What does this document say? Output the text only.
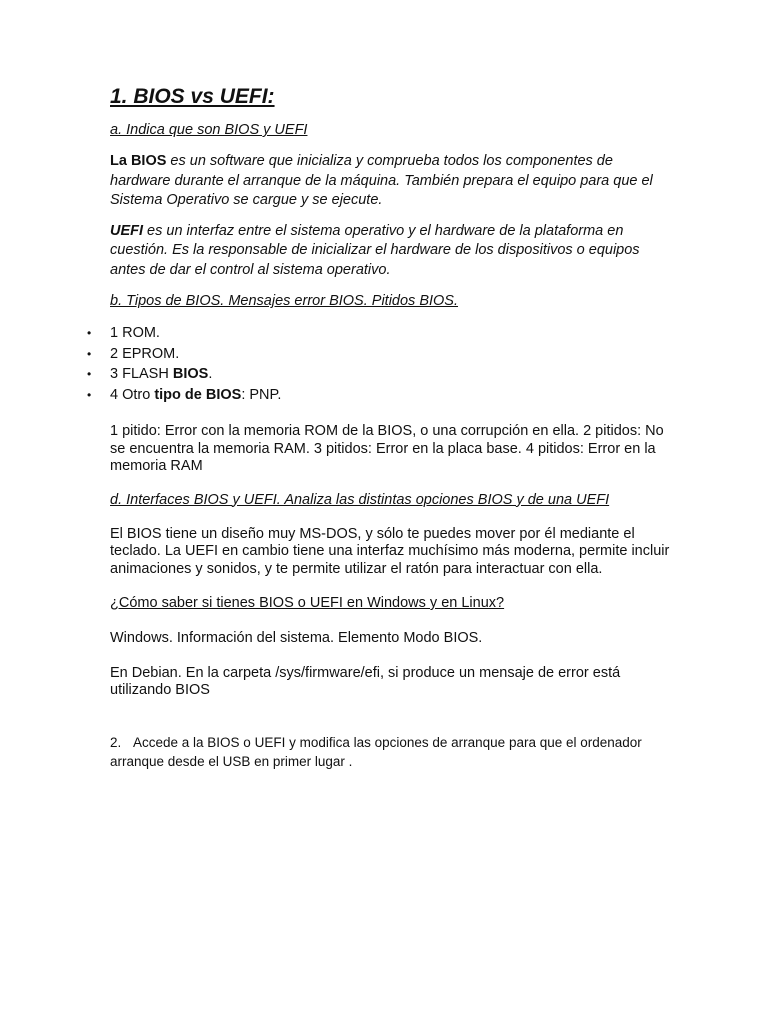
1. BIOS vs UEFI:

a. Indica que son BIOS y UEFI

La BIOS es un software que inicializa y comprueba todos los componentes de hardware durante el arranque de la máquina. También prepara el equipo para que el Sistema Operativo se cargue y se ejecute.

UEFI es un interfaz entre el sistema operativo y el hardware de la plataforma en cuestión. Es la responsable de inicializar el hardware de los dispositivos o equipos antes de dar el control al sistema operativo.

b. Tipos de BIOS. Mensajes error BIOS. Pitidos BIOS.

• 1 ROM.
• 2 EPROM.
• 3 FLASH BIOS.
• 4 Otro tipo de BIOS: PNP.

1 pitido: Error con la memoria ROM de la BIOS, o una corrupción en ella. 2 pitidos: No se encuentra la memoria RAM. 3 pitidos: Error en la placa base. 4 pitidos: Error en la memoria RAM

d. Interfaces BIOS y UEFI. Analiza las distintas opciones BIOS y de una UEFI

El BIOS tiene un diseño muy MS-DOS, y sólo te puedes mover por él mediante el teclado. La UEFI en cambio tiene una interfaz muchísimo más moderna, permite incluir animaciones y sonidos, y te permite utilizar el ratón para interactuar con ella.

¿Cómo saber si tienes BIOS o UEFI en Windows y en Linux?

Windows. Información del sistema. Elemento Modo BIOS.

En Debian. En la carpeta /sys/firmware/efi, si produce un mensaje de error está utilizando BIOS

2. Accede a la BIOS o UEFI y modifica las opciones de arranque para que el ordenador arranque desde el USB en primer lugar .
